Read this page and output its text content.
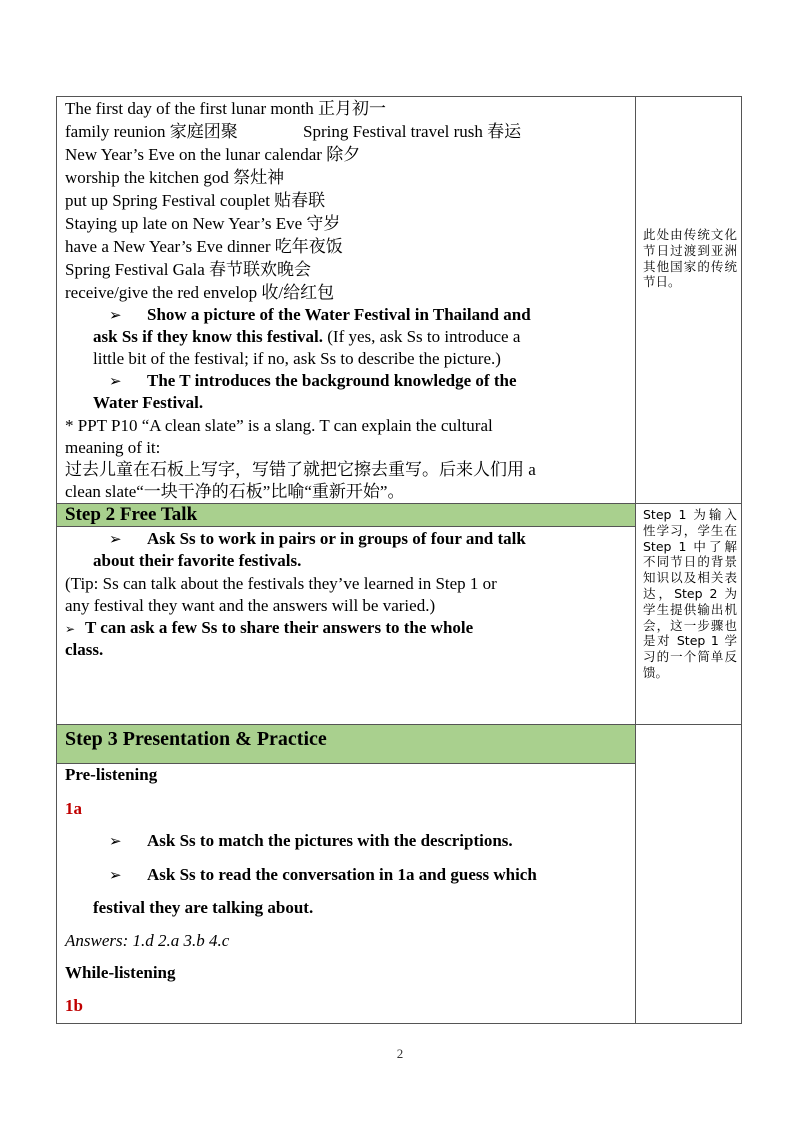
The first day of the first lunar month 正月初一
family reunion 家庭团聚	Spring Festival travel rush 春运
New Year’s Eve on the lunar calendar 除夕
worship the kitchen god 祭灶神
put up Spring Festival couplet 贴春联
Staying up late on New Year’s Eve 守岁
have a New Year’s Eve dinner 吃年夜饭
Spring Festival Gala 春节联欢晚会
receive/give the red envelop 收/给红包
➢ Show a picture of the Water Festival in Thailand and
ask Ss if they know this festival. (If yes, ask Ss to introduce a
little bit of the festival; if no, ask Ss to describe the picture.)
➢ The T introduces the background knowledge of the
Water Festival.
* PPT P10 “A clean slate” is a slang. T can explain the cultural
meaning of it:
过去儿童在石板上写字，写错了就把它擦去重写。后来人们用 a
clean slate“一块干净的石板”比喻“重新开始”。
此处由传统文化节日过渡到亚洲其他国家的传统节日。
Step 2 Free Talk
➢ Ask Ss to work in pairs or in groups of four and talk
about their favorite festivals.
(Tip: Ss can talk about the festivals they’ve learned in Step 1 or
any festival they want and the answers will be varied.)
➢ T can ask a few Ss to share their answers to the whole
class.
Step 1 为输入性学习，学生在 Step 1 中了解不同节日的背景知识以及相关表达，Step 2 为学生提供输出机会，这一步骤也是对 Step 1 学习的一个简单反馈。
Step 3 Presentation & Practice
Pre-listening
1a
➢ Ask Ss to match the pictures with the descriptions.
➢ Ask Ss to read the conversation in 1a and guess which
festival they are talking about.
Answers: 1.d 2.a 3.b 4.c
While-listening
1b
2
